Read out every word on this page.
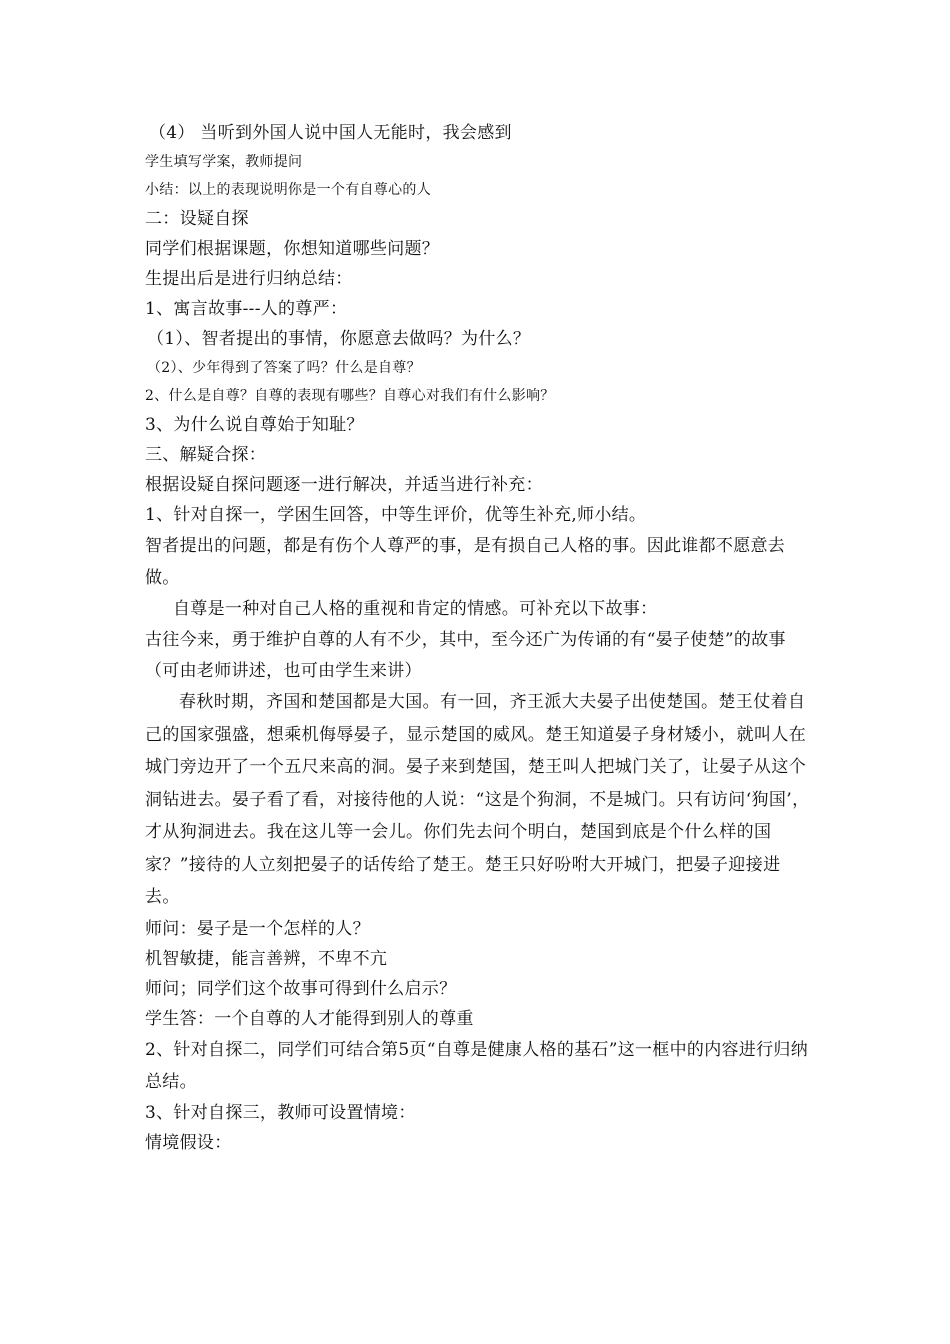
（4） 当听到外国人说中国人无能时，我会感到
学生填写学案，教师提问
小结：以上的表现说明你是一个有自尊心的人
二：设疑自探
同学们根据课题，你想知道哪些问题？
生提出后是进行归纳总结：
1、寓言故事---人的尊严：
（1）、智者提出的事情，你愿意去做吗？为什么？
（2）、少年得到了答案了吗？什么是自尊？
2、什么是自尊？自尊的表现有哪些？自尊心对我们有什么影响？
3、为什么说自尊始于知耻？
三、解疑合探：
根据设疑自探问题逐一进行解决，并适当进行补充：
1、针对自探一，学困生回答，中等生评价，优等生补充,师小结。
智者提出的问题，都是有伤个人尊严的事，是有损自己人格的事。因此谁都不愿意去做。
自尊是一种对自己人格的重视和肯定的情感。可补充以下故事：
古往今来，勇于维护自尊的人有不少，其中，至今还广为传诵的有“晏子使楚”的故事
（可由老师讲述，也可由学生来讲）
春秋时期，齐国和楚国都是大国。有一回，齐王派大夫晏子出使楚国。楚王仗着自己的国家强盛，想乘机侮辱晏子，显示楚国的威风。楚王知道晏子身材矮小，就叫人在城门旁边开了一个五尺来高的洞。晏子来到楚国，楚王叫人把城门关了，让晏子从这个洞钻进去。晏子看了看，对接待他的人说：“这是个狗洞，不是城门。只有访问‘狗国’，才从狗洞进去。我在这儿等一会儿。你们先去问个明白，楚国到底是个什么样的国家？”接待的人立刻把晏子的话传给了楚王。楚王只好吩咐大开城门，把晏子迎接进去。
师问：晏子是一个怎样的人？
机智敏捷，能言善辨，不卑不亢
师问；同学们这个故事可得到什么启示？
学生答：一个自尊的人才能得到别人的尊重
2、针对自探二，同学们可结合第5页“自尊是健康人格的基石”这一框中的内容进行归纳总结。
3、针对自探三，教师可设置情境：
情境假设：
